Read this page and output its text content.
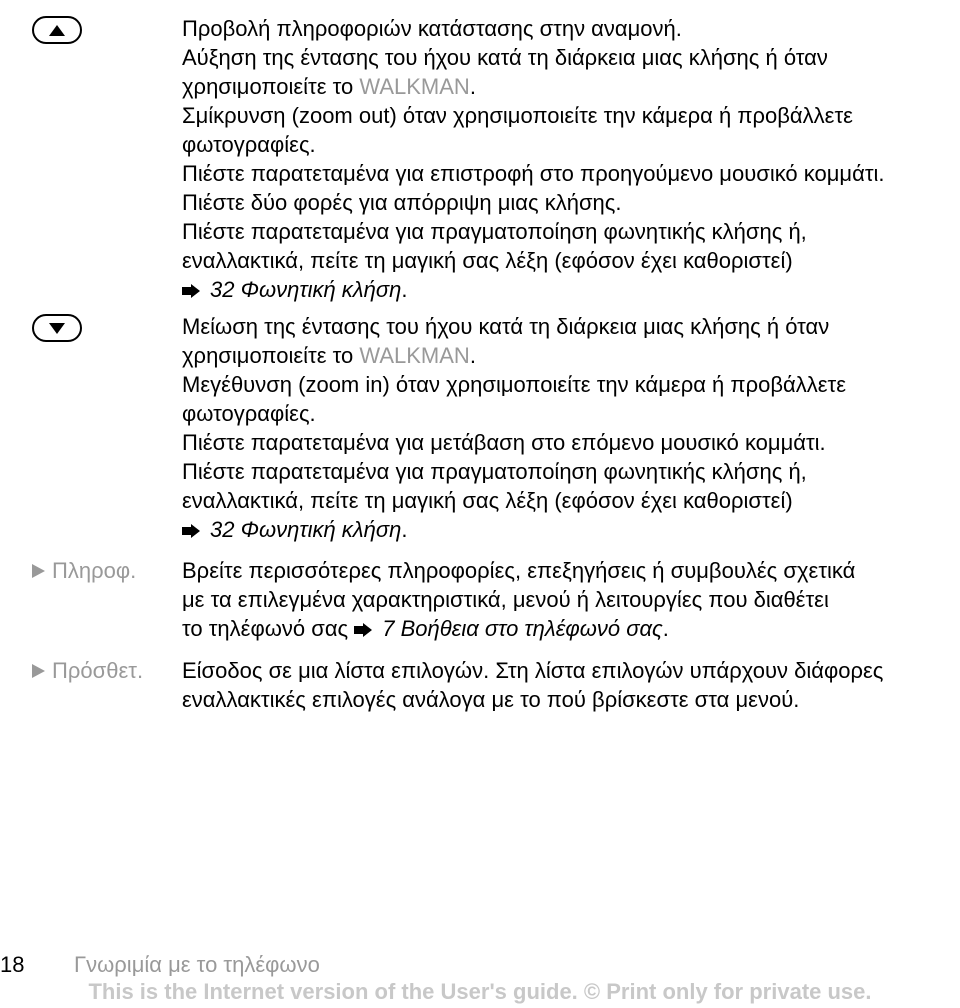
Προβολή πληροφοριών κατάστασης στην αναμονή.
Αύξηση της έντασης του ήχου κατά τη διάρκεια μιας κλήσης ή όταν
χρησιμοποιείτε το WALKMAN.
Σμίκρυνση (zoom out) όταν χρησιμοποιείτε την κάμερα ή προβάλλετε
φωτογραφίες.
Πιέστε παρατεταμένα για επιστροφή στο προηγούμενο μουσικό κομμάτι.
Πιέστε δύο φορές για απόρριψη μιας κλήσης.
Πιέστε παρατεταμένα για πραγματοποίηση φωνητικής κλήσης ή,
εναλλακτικά, πείτε τη μαγική σας λέξη (εφόσον έχει καθοριστεί)
32 Φωνητική κλήση.
Μείωση της έντασης του ήχου κατά τη διάρκεια μιας κλήσης ή όταν
χρησιμοποιείτε το WALKMAN.
Μεγέθυνση (zoom in) όταν χρησιμοποιείτε την κάμερα ή προβάλλετε
φωτογραφίες.
Πιέστε παρατεταμένα για μετάβαση στο επόμενο μουσικό κομμάτι.
Πιέστε παρατεταμένα για πραγματοποίηση φωνητικής κλήσης ή,
εναλλακτικά, πείτε τη μαγική σας λέξη (εφόσον έχει καθοριστεί)
32 Φωνητική κλήση.
Πληροφ. Βρείτε περισσότερες πληροφορίες, επεξηγήσεις ή συμβουλές σχετικά
με τα επιλεγμένα χαρακτηριστικά, μενού ή λειτουργίες που διαθέτει
το τηλέφωνό σας 7 Βοήθεια στο τηλέφωνό σας.
Πρόσθετ. Είσοδος σε μια λίστα επιλογών. Στη λίστα επιλογών υπάρχουν διάφορες
εναλλακτικές επιλογές ανάλογα με το πού βρίσκεστε στα μενού.
18 Γνωριμία με το τηλέφωνο
This is the Internet version of the User's guide. © Print only for private use.
